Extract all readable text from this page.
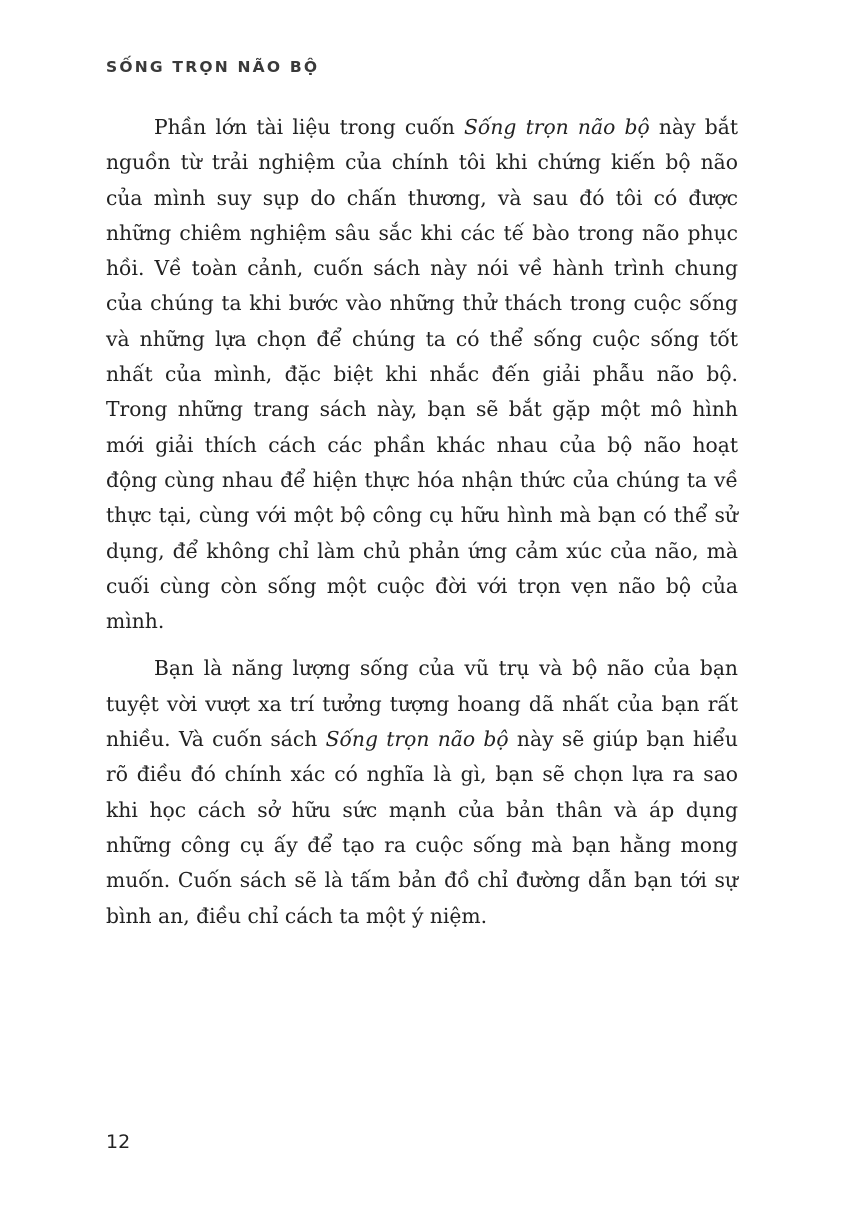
SỐNG TRỌN NÃO BỘ

Phần lớn tài liệu trong cuốn Sống trọn não bộ này bắt nguồn từ trải nghiệm của chính tôi khi chứng kiến bộ não của mình suy sụp do chấn thương, và sau đó tôi có được những chiêm nghiệm sâu sắc khi các tế bào trong não phục hồi. Về toàn cảnh, cuốn sách này nói về hành trình chung của chúng ta khi bước vào những thử thách trong cuộc sống và những lựa chọn để chúng ta có thể sống cuộc sống tốt nhất của mình, đặc biệt khi nhắc đến giải phẫu não bộ. Trong những trang sách này, bạn sẽ bắt gặp một mô hình mới giải thích cách các phần khác nhau của bộ não hoạt động cùng nhau để hiện thực hóa nhận thức của chúng ta về thực tại, cùng với một bộ công cụ hữu hình mà bạn có thể sử dụng, để không chỉ làm chủ phản ứng cảm xúc của não, mà cuối cùng còn sống một cuộc đời với trọn vẹn não bộ của mình.

Bạn là năng lượng sống của vũ trụ và bộ não của bạn tuyệt vời vượt xa trí tưởng tượng hoang dã nhất của bạn rất nhiều. Và cuốn sách Sống trọn não bộ này sẽ giúp bạn hiểu rõ điều đó chính xác có nghĩa là gì, bạn sẽ chọn lựa ra sao khi học cách sở hữu sức mạnh của bản thân và áp dụng những công cụ ấy để tạo ra cuộc sống mà bạn hằng mong muốn. Cuốn sách sẽ là tấm bản đồ chỉ đường dẫn bạn tới sự bình an, điều chỉ cách ta một ý niệm.

12
